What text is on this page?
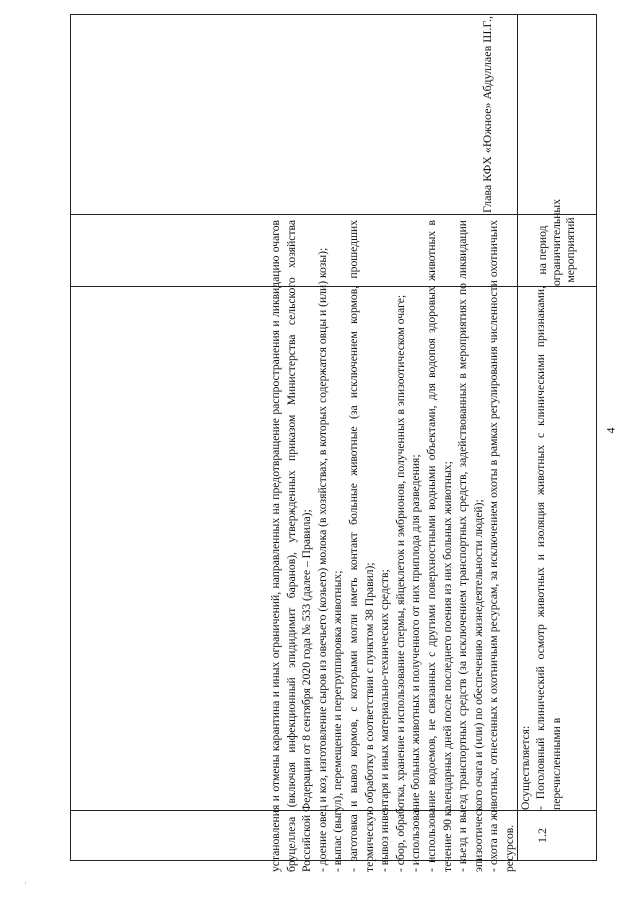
установления и отмены карантина и иных ограничений, направленных на предотвращение распространения и ликвидацию очагов бруцеллеза (включая инфекционный эпидидимит баранов), утвержденных приказом Министерства сельского хозяйства Российской Федерации от 8 сентября 2020 года № 533 (далее – Правила); - доение овец и коз, изготовление сыров из овечьего (козьего) молока (в хозяйствах, в которых содержатся овцы и (или) козы); - выпас (выгул), перемещение и перегруппировка животных; - заготовка и вывоз кормов, с которыми могли иметь контакт больные животные (за исключением кормов, прошедших термическую обработку в соответствии с пунктом 38 Правил); - вывоз инвентаря и иных материально-технических средств; - сбор, обработка, хранение и использование спермы, яйцеклеток и эмбрионов, полученных в эпизоотическом очаге; - использование больных животных и полученного от них приплода для разведения; - использование водоемов, не связанных с другими поверхностными водными объектами, для водопоя здоровых животных в течение 90 календарных дней после последнего поения из них больных животных; - въезд и выезд транспортных средств (за исключением транспортных средств, задействованных в мероприятиях по ликвидации эпизоотического очага и (или) по обеспечению жизнедеятельности людей); - охота на животных, отнесенных к охотничьим ресурсам, за исключением охоты в рамках регулирования численности охотничьих ресурсов. 1.2

Осуществляется: - Поголовный клинический осмотр животных и изоляция животных с клиническими признаками, перечисленными в

на период ограничительных мероприятий
Глава КФХ «Южное» Абдуллаев Ш.Г.,
4
·
